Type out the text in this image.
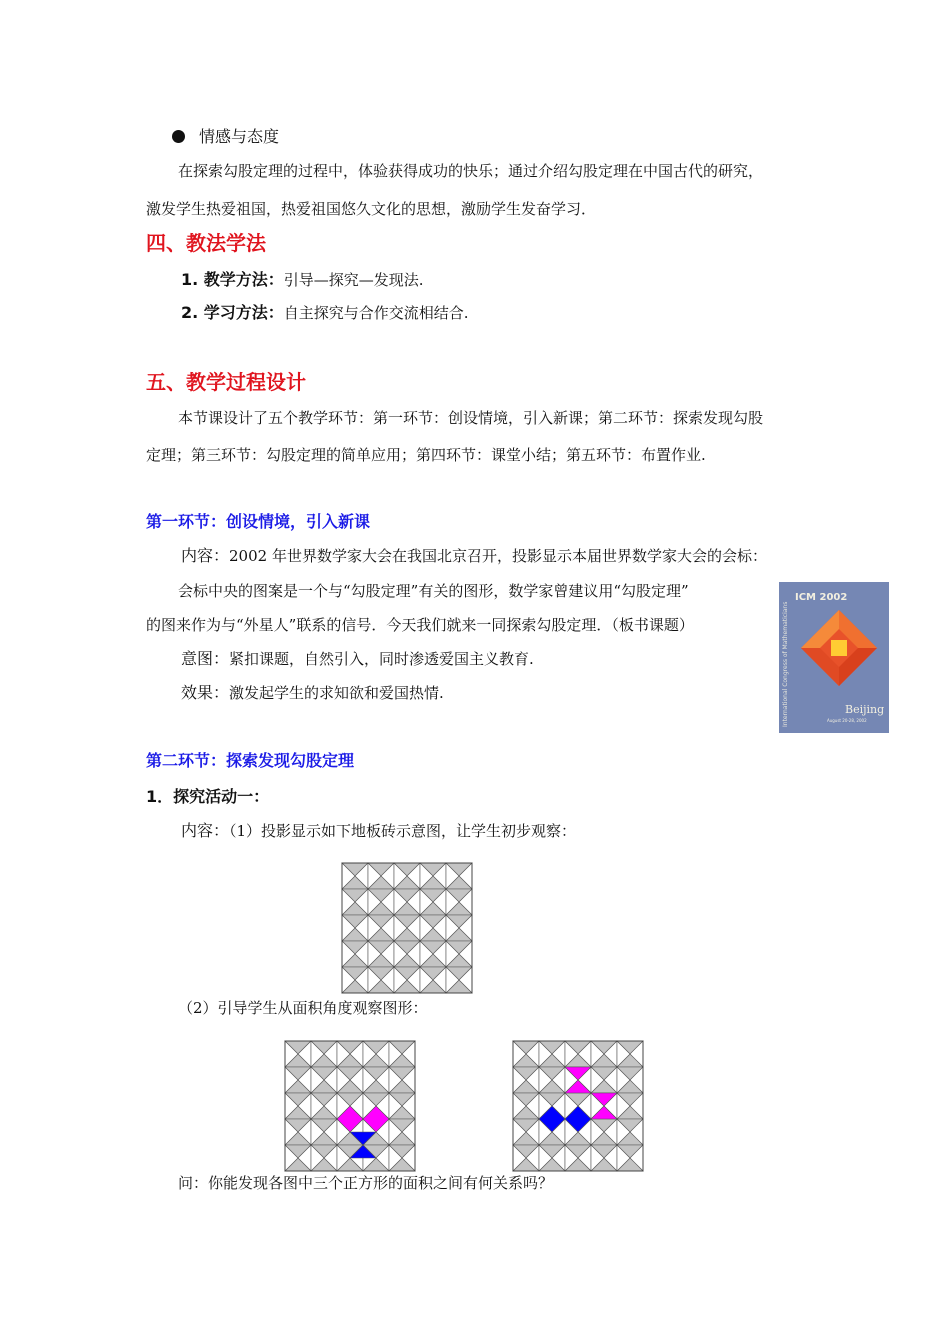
情感与态度
在探索勾股定理的过程中，体验获得成功的快乐；通过介绍勾股定理在中国古代的研究，
激发学生热爱祖国，热爱祖国悠久文化的思想，激励学生发奋学习．
四、教法学法
1. 教学方法：引导—探究—发现法.
2. 学习方法：自主探究与合作交流相结合.
五、教学过程设计
本节课设计了五个教学环节：第一环节：创设情境，引入新课；第二环节：探索发现勾股
定理；第三环节：勾股定理的简单应用；第四环节：课堂小结；第五环节：布置作业.
第一环节：创设情境，引入新课
内容：2002 年世界数学家大会在我国北京召开，投影显示本届世界数学家大会的会标：
会标中央的图案是一个与“勾股定理”有关的图形，数学家曾建议用“勾股定理”
的图来作为与“外星人”联系的信号．今天我们就来一同探索勾股定理．（板书课题）
意图：紧扣课题，自然引入，同时渗透爱国主义教育.
效果：激发起学生的求知欲和爱国热情.
ICM 2002
International Congress of Mathematicians	Beijing
August 20-28, 2002
第二环节：探索发现勾股定理
1．探究活动一：
内容：（1）投影显示如下地板砖示意图，让学生初步观察：
（2）引导学生从面积角度观察图形：
问：你能发现各图中三个正方形的面积之间有何关系吗？
